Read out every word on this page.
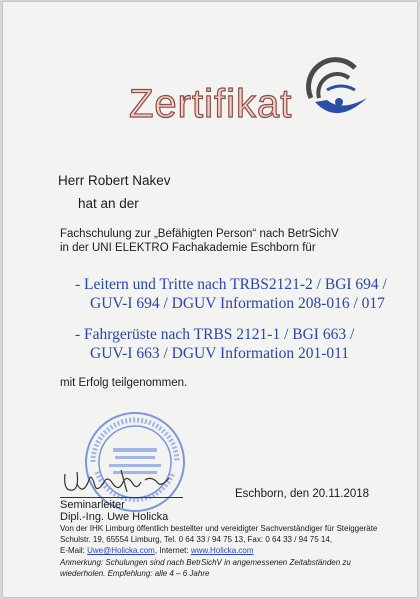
Zertifikat
Herr Robert Nakev
hat an der
Fachschulung zur „Befähigten Person“ nach BetrSichV
in der UNI ELEKTRO Fachakademie Eschborn für
- Leitern und Tritte nach TRBS2121-2 / BGI 694 /
GUV-I 694 / DGUV Information 208-016 / 017
- Fahrgerüste nach TRBS 2121-1 / BGI 663 /
GUV-I 663 / DGUV Information 201-011
mit Erfolg teilgenommen.
Eschborn, den 20.11.2018
Seminarleiter
Dipl.-Ing. Uwe Holicka
Von der IHK Limburg öffentlich bestellter und vereidigter Sachverständiger für Steiggeräte
Schulstr. 19, 65554 Limburg, Tel. 0 64 33 / 94 75 13, Fax: 0 64 33 / 94 75 14,
E-Mail: Uwe@Holicka.com, Internet: www.Holicka.com
Anmerkung: Schulungen sind nach BetrSichV in angemessenen Zeitabständen zu
wiederholen. Empfehlung: alle 4 – 6 Jahre
